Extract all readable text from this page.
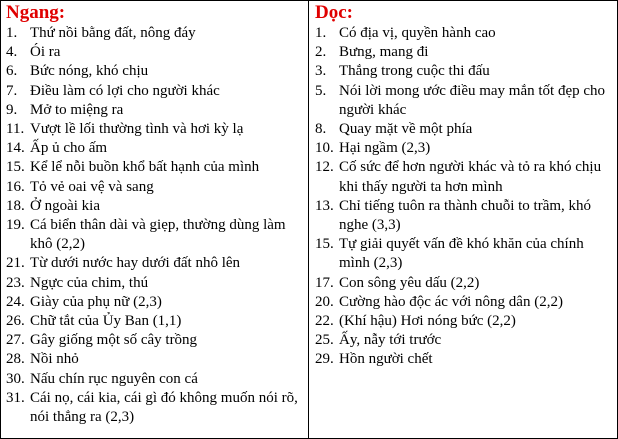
Ngang:
1. Thứ nồi bằng đất, nông đáy
4. Ói ra
6. Bức nóng, khó chịu
7. Điều làm có lợi cho người khác
9. Mở to miệng ra
11. Vượt lề lối thường tình và hơi kỳ lạ
14. Ấp ủ cho ấm
15. Kể lể nỗi buồn khổ bất hạnh của mình
16. Tỏ vẻ oai vệ và sang
18. Ở ngoài kia
19. Cá biển thân dài và giẹp, thường dùng làm khô (2,2)
21. Từ dưới nước hay dưới đất nhô lên
23. Ngực của chim, thú
24. Giày của phụ nữ (2,3)
26. Chữ tắt của Ủy Ban (1,1)
27. Gây giống một số cây trồng
28. Nồi nhỏ
30. Nấu chín rục nguyên con cá
31. Cái nọ, cái kia, cái gì đó không muốn nói rõ, nói thẳng ra (2,3)
Dọc:
1. Có địa vị, quyền hành cao
2. Bưng, mang đi
3. Thắng trong cuộc thi đấu
5. Nói lời mong ước điều may mắn tốt đẹp cho người khác
8. Quay mặt về một phía
10. Hại ngầm (2,3)
12. Cố sức để hơn người khác và tỏ ra khó chịu khi thấy người ta hơn mình
13. Chỉ tiếng tuôn ra thành chuỗi to trầm, khó nghe (3,3)
15. Tự giải quyết vấn đề khó khăn của chính mình (2,3)
17. Con sông yêu dấu (2,2)
20. Cường hào độc ác với nông dân (2,2)
22. (Khí hậu) Hơi nóng bức (2,2)
25. Ấy, nẫy tới trước
29. Hồn người chết
